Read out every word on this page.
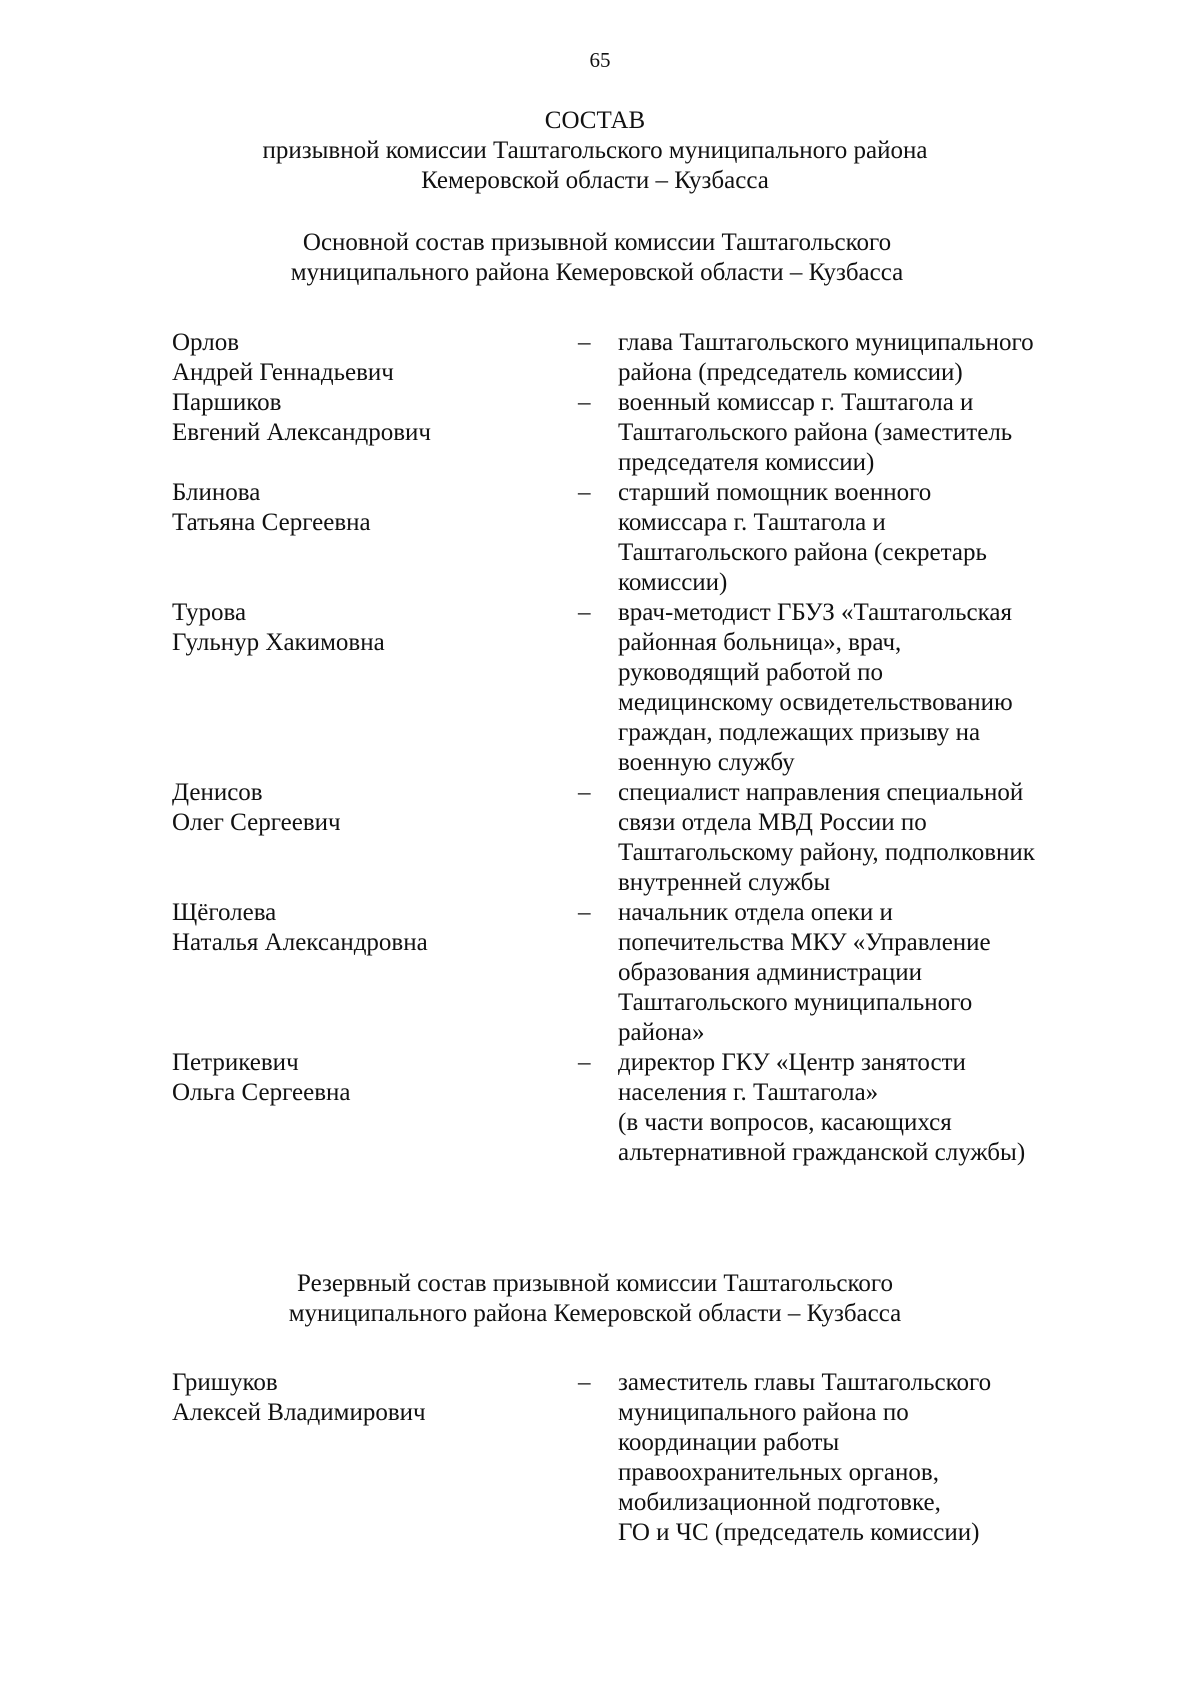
65
СОСТАВ
призывной комиссии Таштагольского муниципального района
Кемеровской области – Кузбасса
Основной состав призывной комиссии Таштагольского
муниципального района Кемеровской области – Кузбасса
Орлов
Андрей Геннадьевич
– глава Таштагольского муниципального
района (председатель комиссии)
Паршиков
Евгений Александрович
– военный комиссар г. Таштагола и
Таштагольского района (заместитель
председателя комиссии)
Блинова
Татьяна Сергеевна
– старший помощник военного
комиссара г. Таштагола и
Таштагольского района (секретарь
комиссии)
Турова
Гульнур Хакимовна
– врач-методист ГБУЗ «Таштагольская
районная больница», врач,
руководящий работой по
медицинскому освидетельствованию
граждан, подлежащих призыву на
военную службу
Денисов
Олег Сергеевич
– специалист направления специальной
связи отдела МВД России по
Таштагольскому району, подполковник
внутренней службы
Щёголева
Наталья Александровна
– начальник отдела опеки и
попечительства МКУ «Управление
образования администрации
Таштагольского муниципального
района»
Петрикевич
Ольга Сергеевна
– директор ГКУ «Центр занятости
населения г. Таштагола»
(в части вопросов, касающихся
альтернативной гражданской службы)
Резервный состав призывной комиссии Таштагольского
муниципального района Кемеровской области – Кузбасса
Гришуков
Алексей Владимирович
– заместитель главы Таштагольского
муниципального района по
координации работы
правоохранительных органов,
мобилизационной подготовке,
ГО и ЧС (председатель комиссии)
